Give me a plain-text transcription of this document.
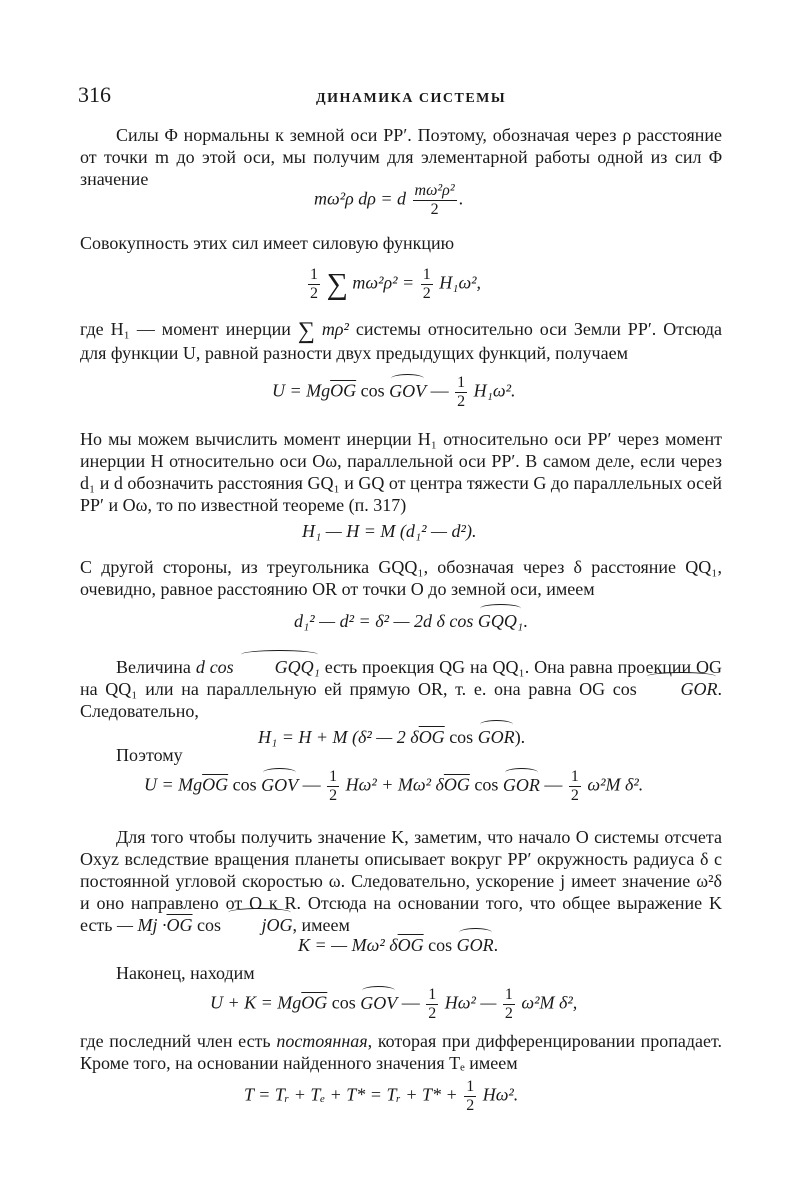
316	ДИНАМИКА СИСТЕМЫ
Силы Φ нормальны к земной оси PP′. Поэтому, обозначая через ρ расстояние от точки m до этой оси, мы получим для элементарной работы одной из сил Φ значение
mω²ρ dρ = d $\frac{\text{mω²ρ²}}{2}$ .
Совокупность этих сил имеет силовую функцию
$\frac{1}{2}$ ∑ $m\omega^2\rho^2 = \frac{1}{2} H_1\omega^2$,
где H₁ — момент инерции ∑ mρ² системы относительно оси Земли PP′. Отсюда для функции U, равной разности двух предыдущих функций, получаем
$U = Mg\overline{OG}$ cos GOV — $\frac{1}{2} H_1\omega^2$.
Но мы можем вычислить момент инерции H₁ относительно оси PP′ через момент инерции H относительно оси Oω, параллельной оси PP′. В самом деле, если через d₁ и d обозначить расстояния GQ₁ и GQ от центра тяжести G до параллельных осей PP′ и Oω, то по известной теореме (п. 317)
H₁ — H = M (d₁² — d²).
С другой стороны, из треугольника GQQ₁, обозначая через δ расстояние QQ₁, очевидно, равное расстоянию OR от точки O до земной оси, имеем
d₁² — d² = δ² — 2d δ cos GQQ₁.
Величина d cos GQQ₁ есть проекция QG на QQ₁. Она равна проекции OG на QQ₁ или на параллельную ей прямую OR, т. е. она равна OG cos GOR. Следовательно,
H₁ = H + M (δ² — 2 $\delta\overline{OG}$ cos GOR).
Поэтому
$U = Mg\overline{OG}$ cos GOV — $\frac{1}{2} H\omega^2 + M\omega^2$ $\delta\overline{OG}$ cos GOR — $\frac{1}{2} \omega^2M$ δ².
Для того чтобы получить значение K, заметим, что начало O системы отсчета Oxyz вследствие вращения планеты описывает вокруг PP′ окружность радиуса δ с постоянной угловой скоростью ω. Следовательно, ускорение j имеет значение ω²δ и оно направлено от O к R. Отсюда на основании того, что общее выражение K есть — $Mj \cdot\overline{OG}$ cos jOG, имеем
K = — Mω² $\delta\overline{OG}$ cos GOR.
Наконец, находим
$U + K = Mg\overline{OG}$ cos GOV — $\frac{1}{2} H\omega^2$ — $\frac{1}{2} \omega^2M$ δ²,
где последний член есть постоянная, которая при дифференцировании пропадает. Кроме того, на основании найденного значения Tₑ имеем
T = Tᵣ + Tₑ + T* = Tᵣ + $T* + \frac{1}{2} H\omega^2$.
